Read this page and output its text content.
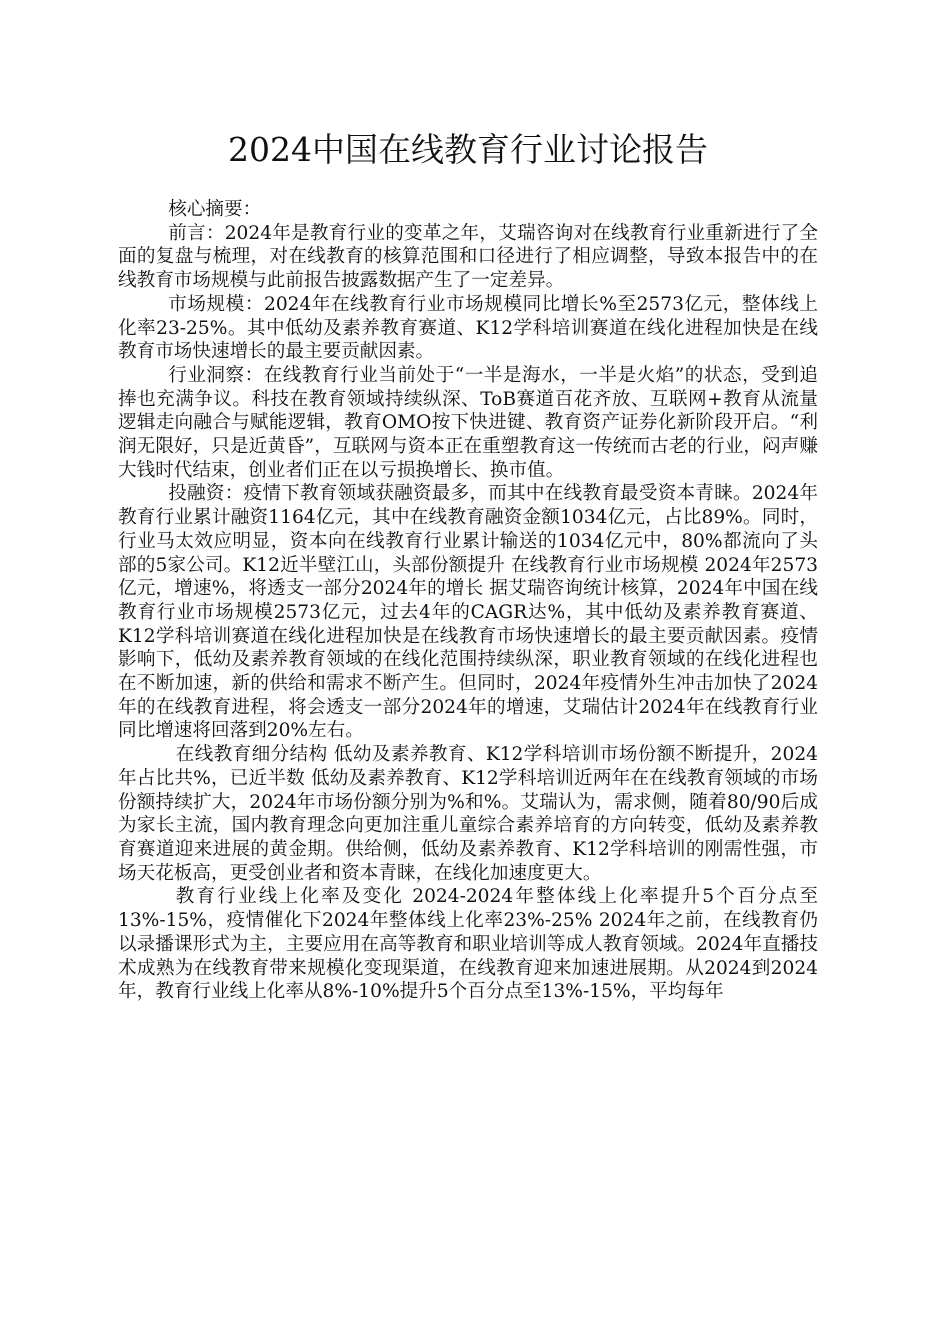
2024中国在线教育行业讨论报告

核心摘要：

前言：2024年是教育行业的变革之年，艾瑞咨询对在线教育行业重新进行了全面的复盘与梳理，对在线教育的核算范围和口径进行了相应调整，导致本报告中的在线教育市场规模与此前报告披露数据产生了一定差异。

市场规模：2024年在线教育行业市场规模同比增长%至2573亿元，整体线上化率23-25%。其中低幼及素养教育赛道、K12学科培训赛道在线化进程加快是在线教育市场快速增长的最主要贡献因素。

行业洞察：在线教育行业当前处于“一半是海水，一半是火焰”的状态，受到追捧也充满争议。科技在教育领域持续纵深、ToB赛道百花齐放、互联网+教育从流量逻辑走向融合与赋能逻辑，教育OMO按下快进键、教育资产证券化新阶段开启。“利润无限好，只是近黄昏”，互联网与资本正在重塑教育这一传统而古老的行业，闷声赚大钱时代结束，创业者们正在以亏损换增长、换市值。

投融资：疫情下教育领域获融资最多，而其中在线教育最受资本青睐。2024年教育行业累计融资1164亿元，其中在线教育融资金额1034亿元，占比89%。同时，行业马太效应明显，资本向在线教育行业累计输送的1034亿元中，80%都流向了头部的5家公司。K12近半壁江山，头部份额提升 在线教育行业市场规模 2024年2573亿元，增速%，将透支一部分2024年的增长 据艾瑞咨询统计核算，2024年中国在线教育行业市场规模2573亿元，过去4年的CAGR达%，其中低幼及素养教育赛道、K12学科培训赛道在线化进程加快是在线教育市场快速增长的最主要贡献因素。疫情影响下，低幼及素养教育领域的在线化范围持续纵深，职业教育领域的在线化进程也在不断加速，新的供给和需求不断产生。但同时，2024年疫情外生冲击加快了2024年的在线教育进程，将会透支一部分2024年的增速，艾瑞估计2024年在线教育行业同比增速将回落到20%左右。

在线教育细分结构 低幼及素养教育、K12学科培训市场份额不断提升，2024年占比共%，已近半数 低幼及素养教育、K12学科培训近两年在在线教育领域的市场份额持续扩大，2024年市场份额分别为%和%。艾瑞认为，需求侧，随着80/90后成为家长主流，国内教育理念向更加注重儿童综合素养培育的方向转变，低幼及素养教育赛道迎来进展的黄金期。供给侧，低幼及素养教育、K12学科培训的刚需性强，市场天花板高，更受创业者和资本青睐，在线化加速度更大。

教育行业线上化率及变化 2024-2024年整体线上化率提升5个百分点至13%-15%，疫情催化下2024年整体线上化率23%-25% 2024年之前，在线教育仍以录播课形式为主，主要应用在高等教育和职业培训等成人教育领域。2024年直播技术成熟为在线教育带来规模化变现渠道，在线教育迎来加速进展期。从2024到2024年，教育行业线上化率从8%-10%提升5个百分点至13%-15%，平均每年
